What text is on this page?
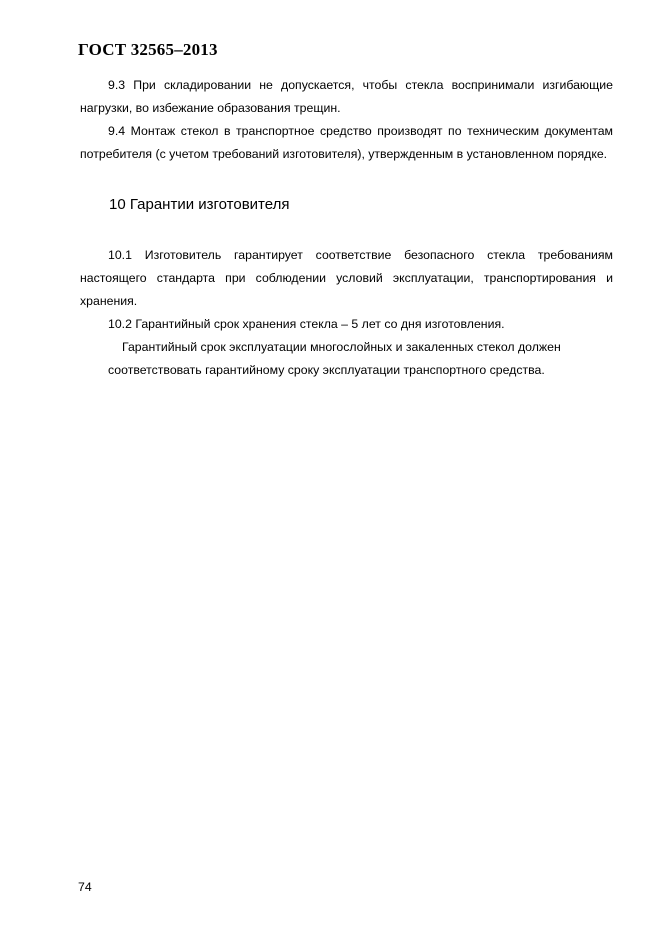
ГОСТ 32565–2013

9.3 При складировании не допускается, чтобы стекла воспринимали изгибающие нагрузки, во избежание образования трещин.

9.4 Монтаж стекол в транспортное средство производят по техническим документам потребителя (с учетом требований изготовителя), утвержденным в установленном порядке.

10 Гарантии изготовителя

10.1 Изготовитель гарантирует соответствие безопасного стекла требованиям настоящего стандарта при соблюдении условий эксплуатации, транспортирования и хранения.

10.2 Гарантийный срок хранения стекла – 5 лет со дня изготовления.

Гарантийный срок эксплуатации многослойных и закаленных стекол должен соответствовать гарантийному сроку эксплуатации транспортного средства.

74
